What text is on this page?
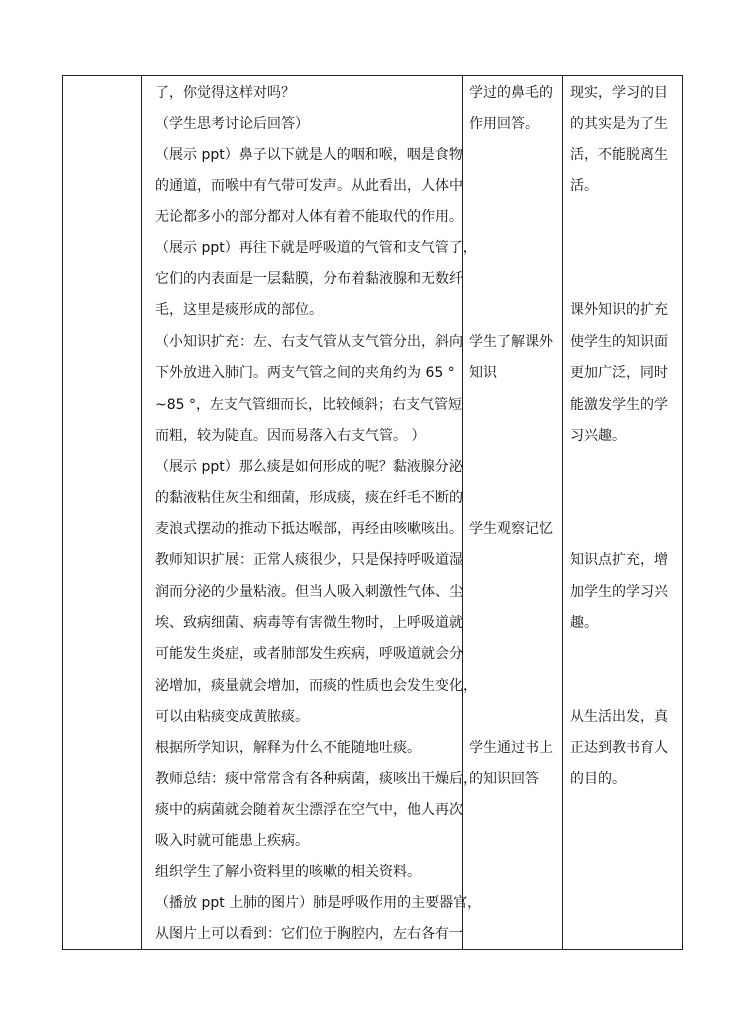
了，你觉得这样对吗？
（学生思考讨论后回答）
（展示 ppt）鼻子以下就是人的咽和喉，咽是食物
的通道，而喉中有气带可发声。从此看出，人体中
无论都多小的部分都对人体有着不能取代的作用。
（展示 ppt）再往下就是呼吸道的气管和支气管了，
它们的内表面是一层黏膜，分布着黏液腺和无数纤
毛，这里是痰形成的部位。
（小知识扩充：左、右支气管从支气管分出，斜向
下外放进入肺门。两支气管之间的夹角约为 65 °
~85 °，左支气管细而长，比较倾斜；右支气管短
而粗，较为陡直。因而易落入右支气管。 ）
（展示 ppt）那么痰是如何形成的呢？黏液腺分泌
的黏液粘住灰尘和细菌，形成痰，痰在纤毛不断的
麦浪式摆动的推动下抵达喉部，再经由咳嗽咳出。
教师知识扩展：正常人痰很少，只是保持呼吸道湿
润而分泌的少量粘液。但当人吸入刺激性气体、尘
埃、致病细菌、病毒等有害微生物时，上呼吸道就
可能发生炎症，或者肺部发生疾病，呼吸道就会分
泌增加，痰量就会增加，而痰的性质也会发生变化，
可以由粘痰变成黄脓痰。
根据所学知识，解释为什么不能随地吐痰。
教师总结：痰中常常含有各种病菌，痰咳出干燥后，
痰中的病菌就会随着灰尘漂浮在空气中，他人再次
吸入时就可能患上疾病。
组织学生了解小资料里的咳嗽的相关资料。
（播放 ppt 上肺的图片）肺是呼吸作用的主要器官，
从图片上可以看到：它们位于胸腔内，左右各有一
学过的鼻毛的
作用回答。
学生了解课外
知识
学生观察记忆
学生通过书上
的知识回答
现实，学习的目
的其实是为了生
活，不能脱离生
活。
课外知识的扩充
使学生的知识面
更加广泛，同时
能激发学生的学
习兴趣。
知识点扩充，增
加学生的学习兴
趣。
从生活出发，真
正达到教书育人
的目的。
